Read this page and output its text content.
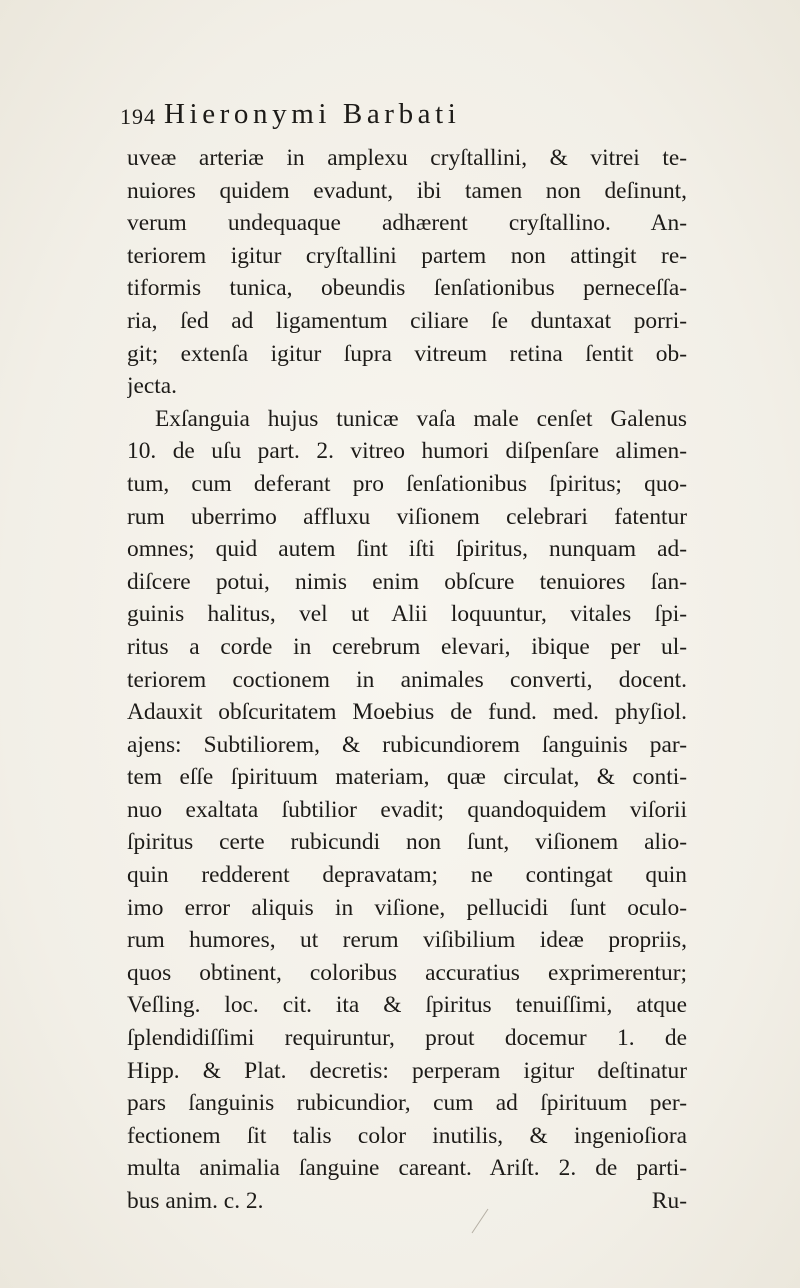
194 Hieronymi Barbati
uveæ arteriæ in amplexu cryſtallini, & vitrei te-
nuiores quidem evadunt, ibi tamen non deſinunt,
verum undequaque adhærent cryſtallino. An-
teriorem igitur cryſtallini partem non attingit re-
tiformis tunica, obeundis ſenſationibus perneceſſa-
ria, ſed ad ligamentum ciliare ſe duntaxat porri-
git; extenſa igitur ſupra vitreum retina ſentit ob-
jecta.
Exſanguia hujus tunicæ vaſa male cenſet Galenus
10. de uſu part. 2. vitreo humori diſpenſare alimen-
tum, cum deferant pro ſenſationibus ſpiritus; quo-
rum uberrimo affluxu viſionem celebrari fatentur
omnes; quid autem ſint iſti ſpiritus, nunquam ad-
diſcere potui, nimis enim obſcure tenuiores ſan-
guinis halitus, vel ut Alii loquuntur, vitales ſpi-
ritus a corde in cerebrum elevari, ibique per ul-
teriorem coctionem in animales converti, docent.
Adauxit obſcuritatem Moebius de fund. med. phyſiol.
ajens: Subtiliorem, & rubicundiorem ſanguinis par-
tem eſſe ſpirituum materiam, quæ circulat, & conti-
nuo exaltata ſubtilior evadit; quandoquidem viſorii
ſpiritus certe rubicundi non ſunt, viſionem alio-
quin redderent depravatam; ne contingat quin
imo error aliquis in viſione, pellucidi ſunt oculo-
rum humores, ut rerum viſibilium ideæ propriis,
quos obtinent, coloribus accuratius exprimerentur;
Veſling. loc. cit. ita & ſpiritus tenuiſſimi, atque
ſplendidiſſimi requiruntur, prout docemur 1. de
Hipp. & Plat. decretis: perperam igitur deſtinatur
pars ſanguinis rubicundior, cum ad ſpirituum per-
fectionem ſit talis color inutilis, & ingenioſiora
multa animalia ſanguine careant. Ariſt. 2. de parti-
bus anim. c. 2.	Ru-
